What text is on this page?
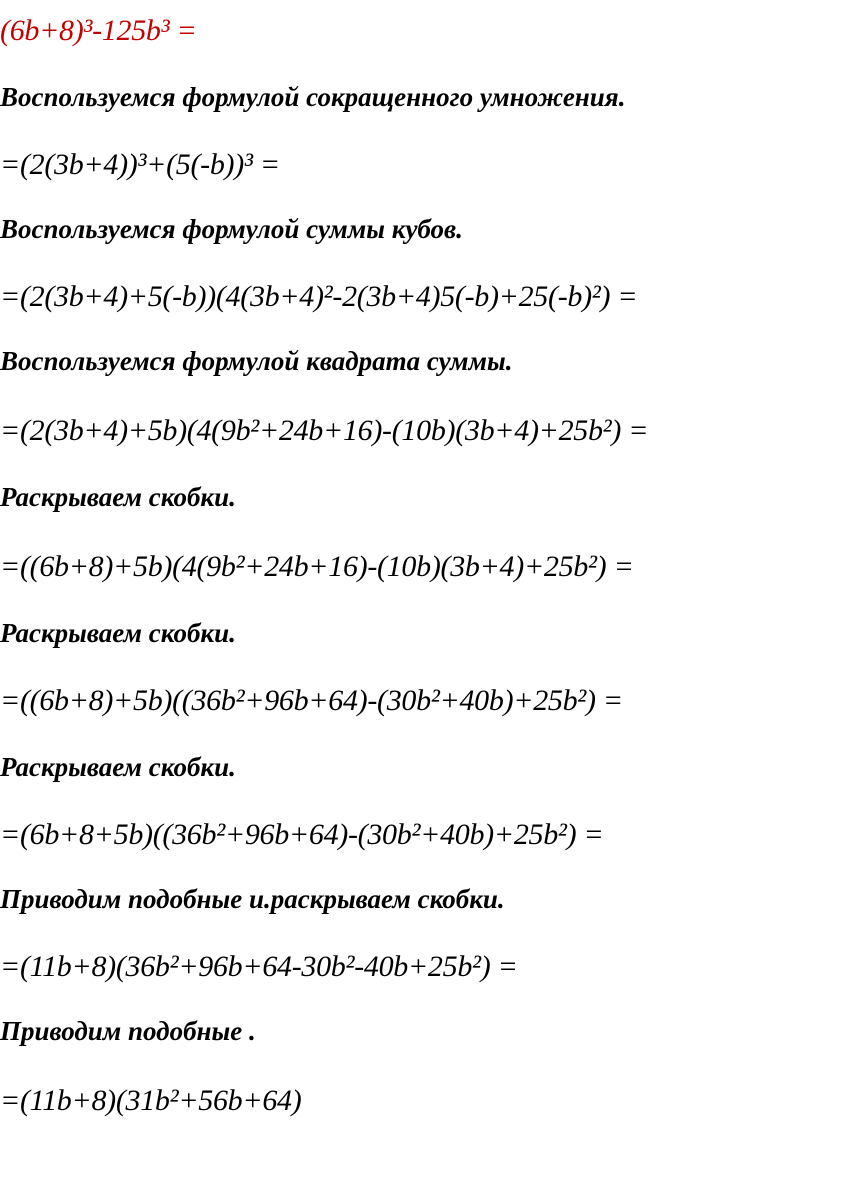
(6b+8)³-125b³ =
Воспользуемся формулой сокращенного умножения.
=(2(3b+4))³+(5(-b))³ =
Воспользуемся формулой суммы кубов.
=(2(3b+4)+5(-b))(4(3b+4)²-2(3b+4)5(-b)+25(-b)²) =
Воспользуемся формулой квадрата суммы.
=(2(3b+4)+5b)(4(9b²+24b+16)-(10b)(3b+4)+25b²) =
Раскрываем скобки.
=((6b+8)+5b)(4(9b²+24b+16)-(10b)(3b+4)+25b²) =
Раскрываем скобки.
=((6b+8)+5b)((36b²+96b+64)-(30b²+40b)+25b²) =
Раскрываем скобки.
=(6b+8+5b)((36b²+96b+64)-(30b²+40b)+25b²) =
Приводим подобные и.раскрываем скобки.
=(11b+8)(36b²+96b+64-30b²-40b+25b²) =
Приводим подобные .
=(11b+8)(31b²+56b+64)
